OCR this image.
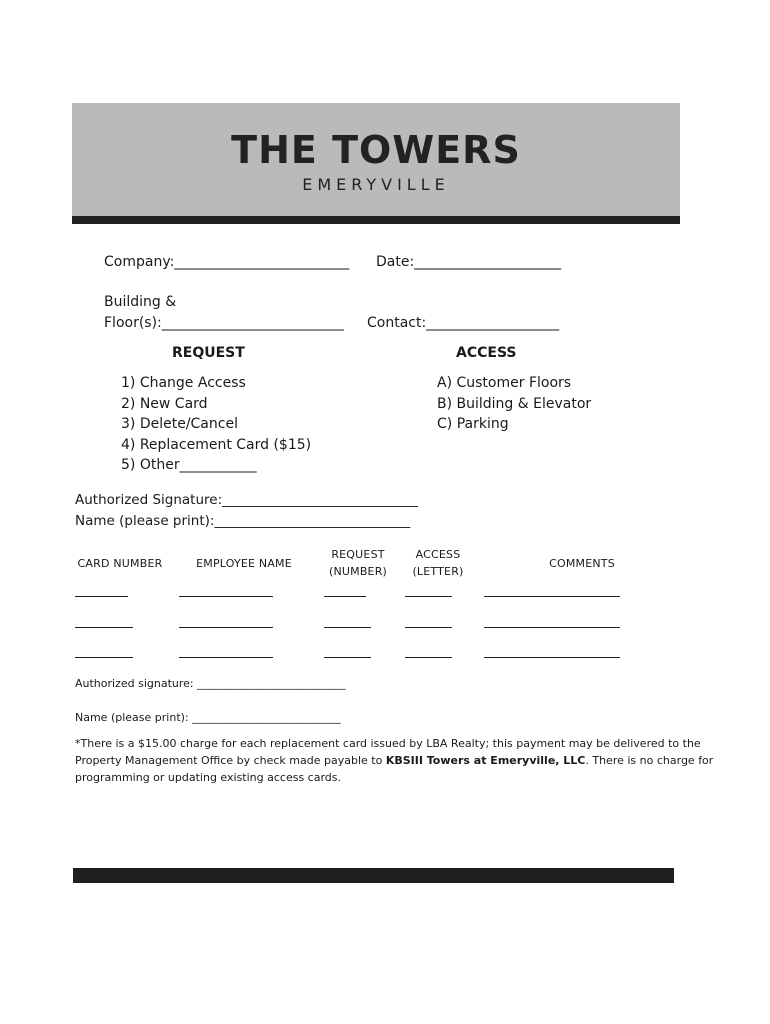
THE TOWERS
EMERYVILLE
Company:_________________________ Date:_____________________
Building &
Floor(s):__________________________ Contact:___________________
REQUEST	ACCESS
1) Change Access
2) New Card
3) Delete/Cancel
4) Replacement Card ($15)
5) Other___________
A) Customer Floors
B) Building & Elevator
C) Parking
Authorized Signature:_____________________________
Name (please print):_____________________________
CARD NUMBER	EMPLOYEE NAME
REQUEST
(NUMBER)
ACCESS
(LETTER)
COMMENTS
Authorized signature: ___________________________
Name (please print): ___________________________
*There is a $15.00 charge for each replacement card issued by LBA Realty; this payment may be delivered to the Property Management Office by check made payable to KBSIII Towers at Emeryville, LLC. There is no charge for programming or updating existing access cards.
